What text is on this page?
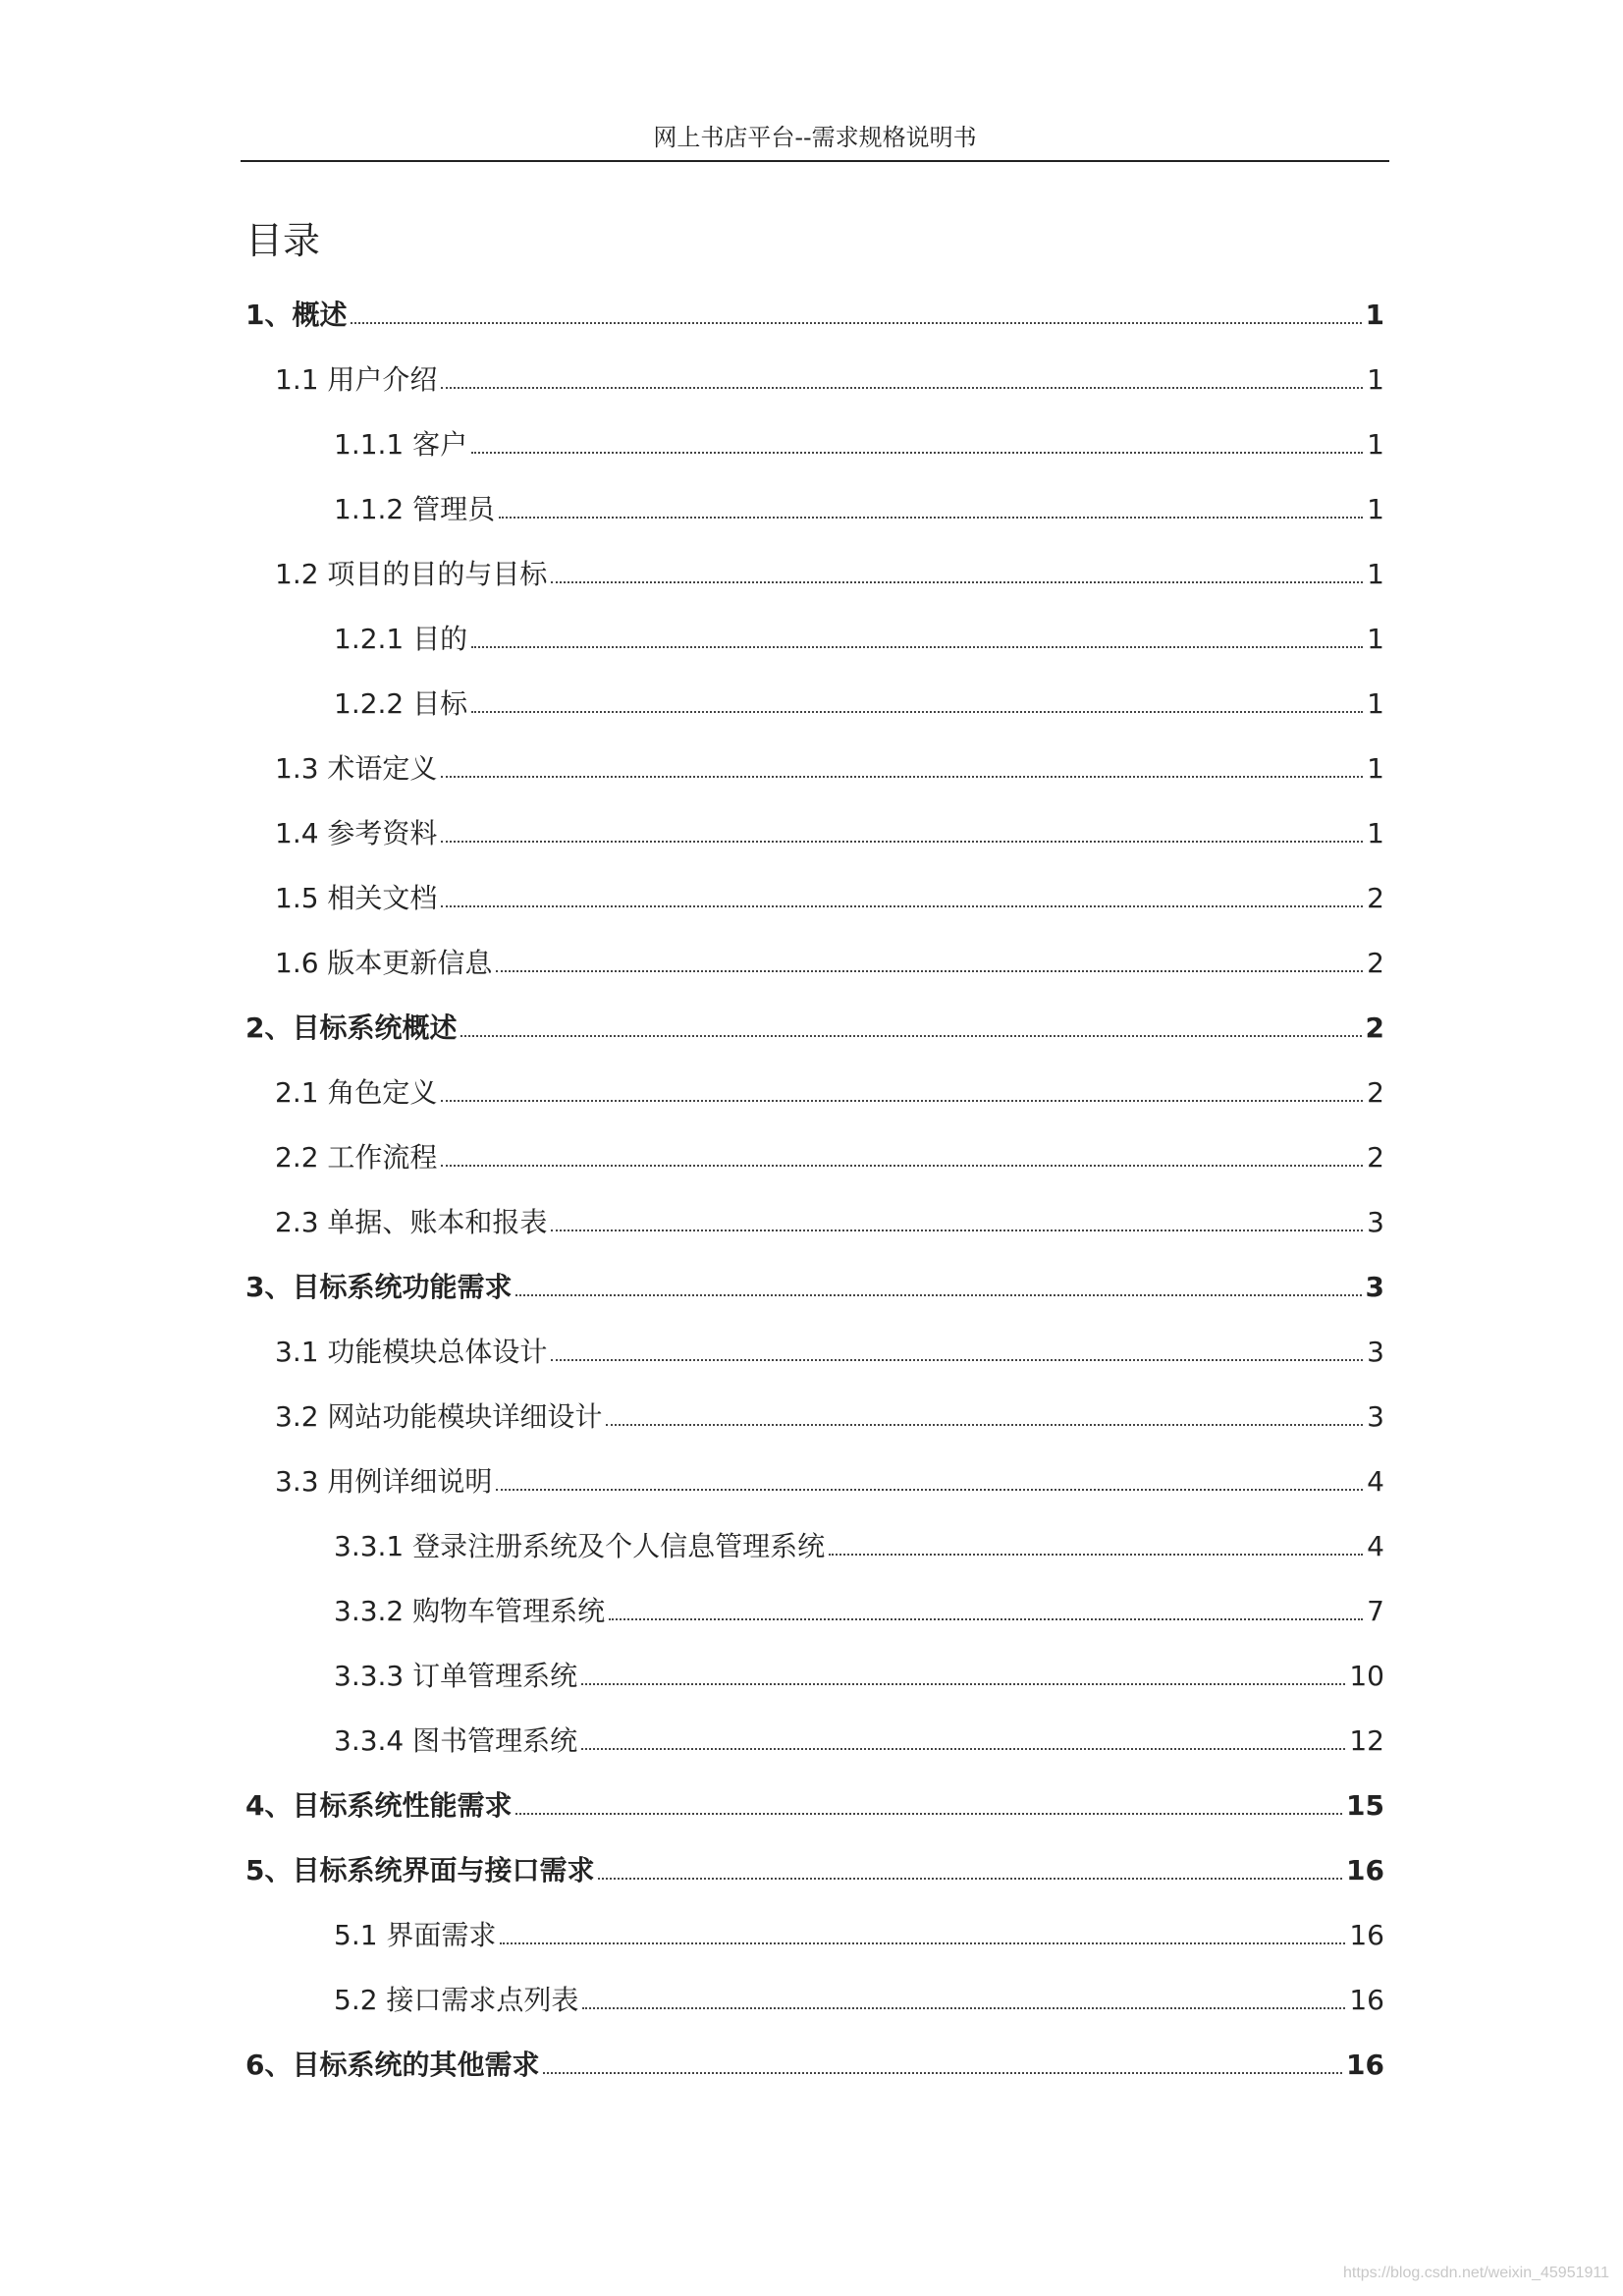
网上书店平台--需求规格说明书
目录
1、概述	1
1.1 用户介绍	1
1.1.1 客户	1
1.1.2 管理员	1
1.2 项目的目的与目标	1
1.2.1 目的	1
1.2.2 目标	1
1.3 术语定义	1
1.4 参考资料	1
1.5 相关文档	2
1.6 版本更新信息	2
2、目标系统概述	2
2.1 角色定义	2
2.2 工作流程	2
2.3 单据、账本和报表	3
3、目标系统功能需求	3
3.1 功能模块总体设计	3
3.2 网站功能模块详细设计	3
3.3 用例详细说明	4
3.3.1 登录注册系统及个人信息管理系统	4
3.3.2 购物车管理系统	7
3.3.3 订单管理系统	10
3.3.4 图书管理系统	12
4、目标系统性能需求	15
5、目标系统界面与接口需求	16
5.1 界面需求	16
5.2 接口需求点列表	16
6、目标系统的其他需求	16
https://blog.csdn.net/weixin_45951911
